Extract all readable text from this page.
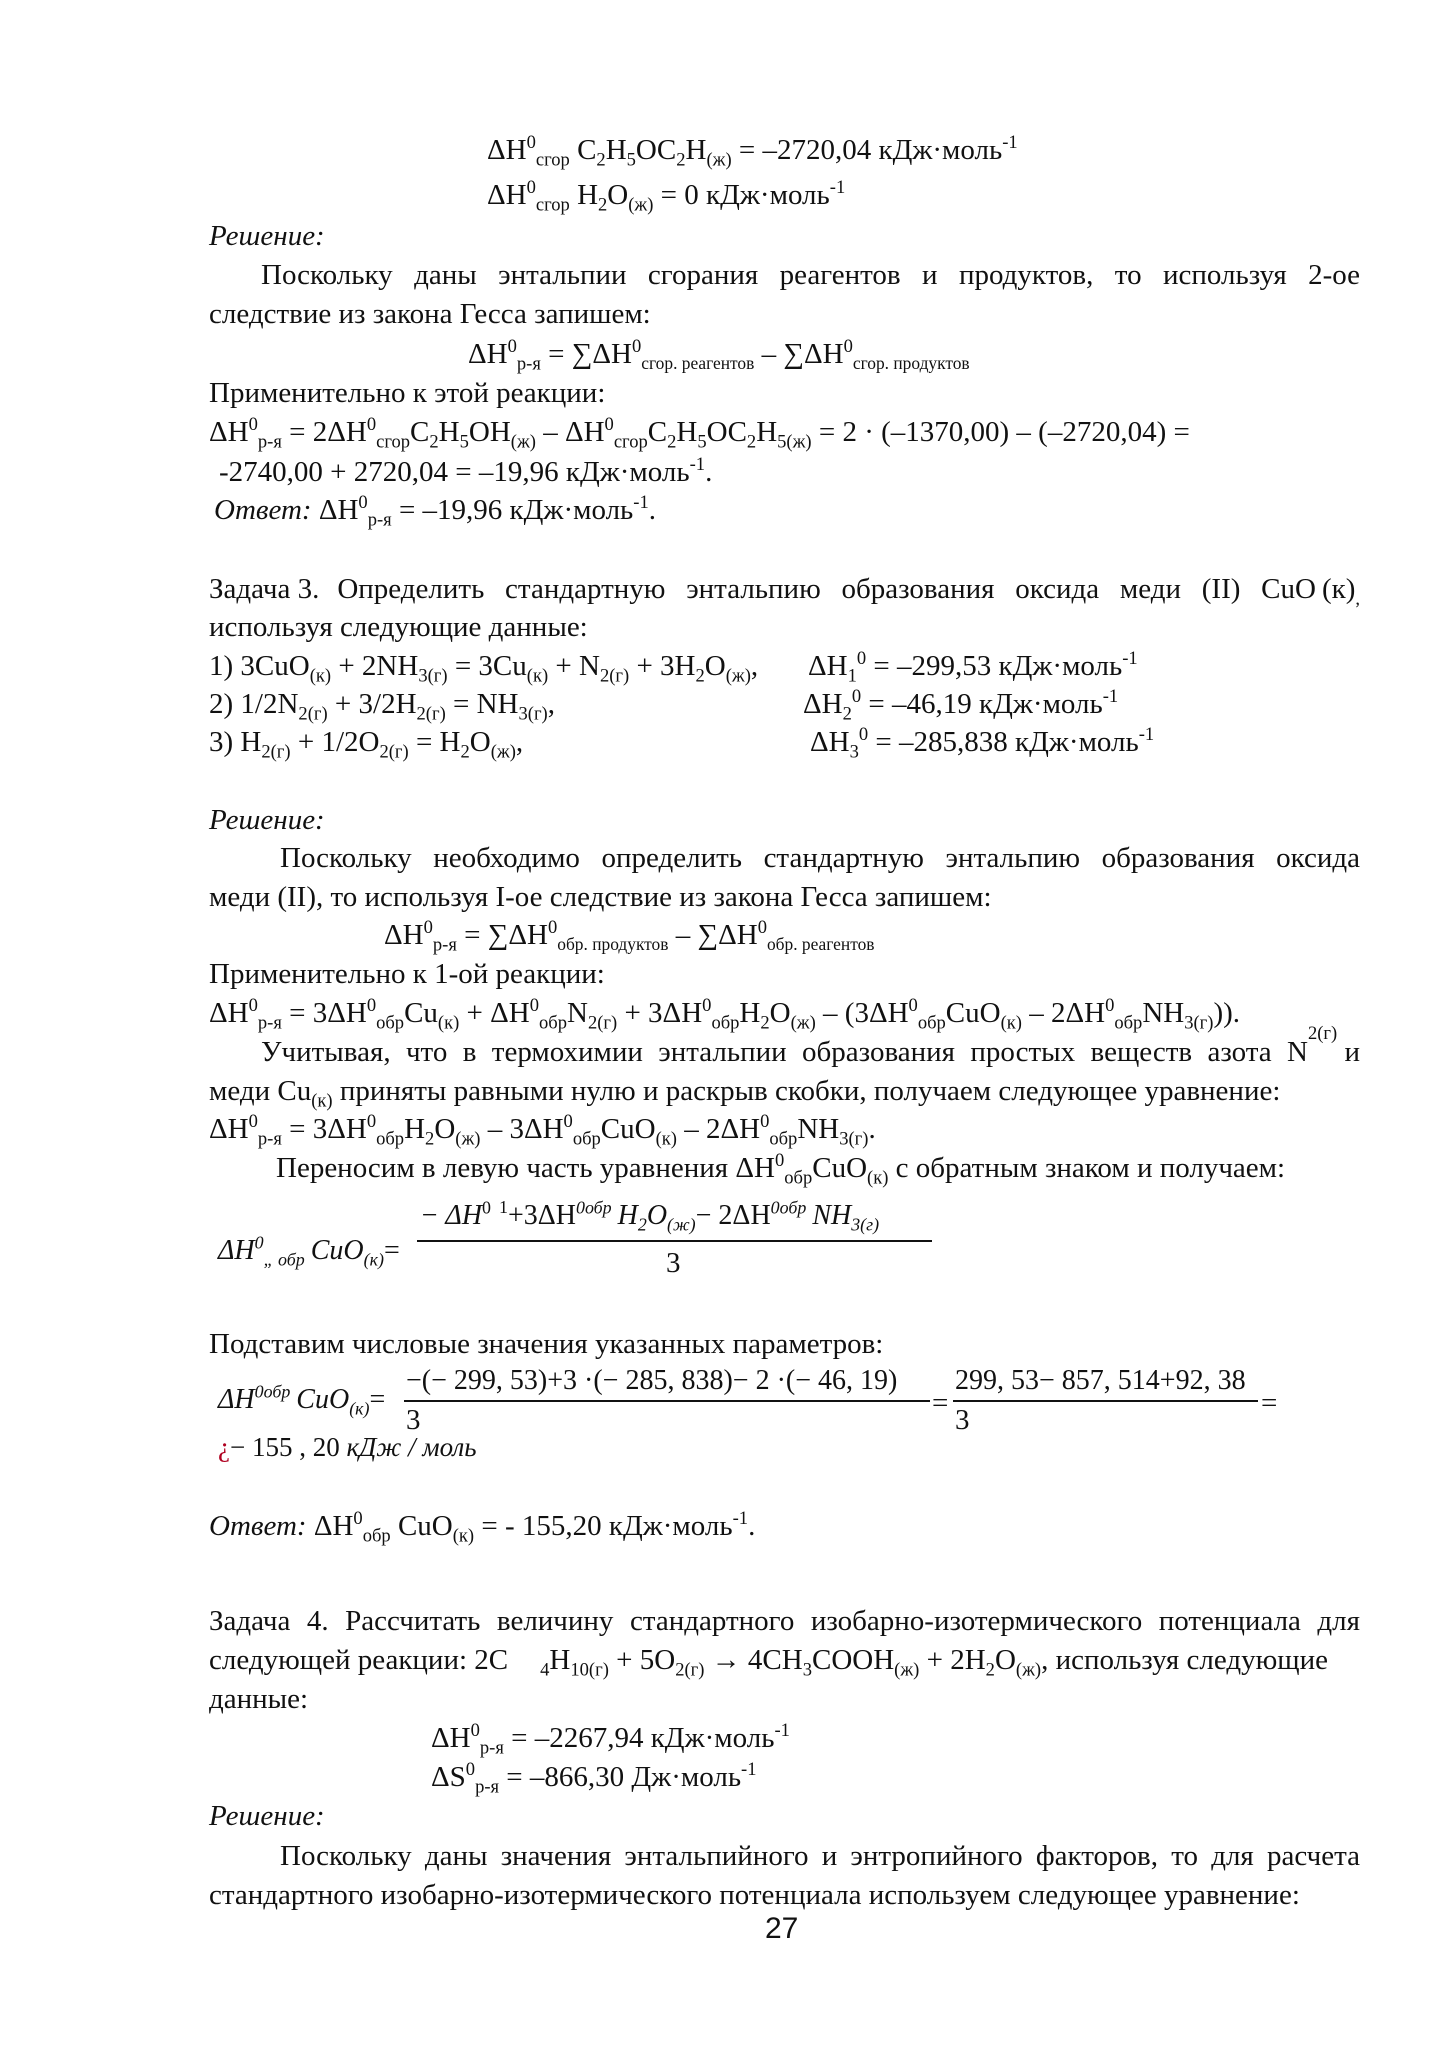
$\Delta H^0_{сгор}$ $C_2H_5OC_2H_{(ж)} = -2720,04$ кДж·моль$^{-1}$
$\Delta H^0_{сгор}$ $H_2O_{(ж)} = 0$ кДж·моль$^{-1}$
Решение:
Поскольку даны энтальпии сгорания реагентов и продуктов, то используя 2-ое
следствие из закона Гесса запишем:
$\Delta H^0_{р-я} = \sum\Delta H^0_{сгор. реагентов} - \sum\Delta H^0_{сгор. продуктов}$
Применительно к этой реакции:
$\Delta H^0_{р-я} = 2\Delta H^0_{сгор}C_2H_5OH_{(ж)} - \Delta H^0_{сгор}C_2H_5OC_2H_{5(ж)} = 2 \cdot (-1370,00) - (-2720,04)$ =
-2740,00 + 2720,04 = –19,96 кДж·моль$^{-1}$.
Ответ: $\Delta H^0_{р-я} = -19,96$ кДж·моль$^{-1}$.
Задача 3. Определить стандартную энтальпию образования оксида меди (II) CuO $(к)_,$
используя следующие данные:
1) $3CuO_{(к)} + 2NH_{3(г)} = 3Cu_{(к)} + N_{2(г)} + 3H_2O_{(ж)}$, $\Delta H_1^0 = -299,53$ кДж·моль$^{-1}$
2) $1/2N_{2(г)} + 3/2H_{2(г)} = NH_{3(г)}$,	$\Delta H_2^0 = -46,19$ кДж·моль$^{-1}$
3) $H_{2(г)} + 1/2O_{2(г)} = H_2O_{(ж)}$,	$\Delta H_3^0 = -285,838$ кДж·моль$^{-1}$
Решение:
Поскольку необходимо определить стандартную энтальпию образования оксида
меди (II), то используя I-ое следствие из закона Гесса запишем:
$\Delta H^0_{р-я} = \sum\Delta H^0_{обр. продуктов} - \sum\Delta H^0_{обр. реагентов}$
Применительно к 1-ой реакции:
$\Delta H^0_{р-я} = 3\Delta H^0_{обр}Cu_{(к)} + \Delta H^0_{обр}N_{2(г)} + 3\Delta H^0_{обр}H_2O_{(ж)} - (3\Delta H^0_{обр}CuO_{(к)} - 2\Delta H^0_{обр}NH_{3(г)})$).
Учитывая, что в термохимии энтальпии образования простых веществ азота N
2(г)
и
меди $Cu_{(к)}$ приняты равными нулю и раскрыв скобки, получаем следующее уравнение:
$\Delta H^0_{р-я} = 3\Delta H^0_{обр}H_2O_{(ж)} - 3\Delta H^0_{обр}CuO_{(к)} - 2\Delta H^0_{обр}NH_{3(г)}$.
Переносим в левую часть уравнения $\Delta H^0_{обр}CuO_{(к)}$ с обратным знаком и получаем:
$\Delta H^0_{„ обр}$ CuO$_{(к)}$=
− $\Delta H^0$ $^1+3\Delta H^{0обр}$ $H_2O_{(ж)}- 2\Delta H^{0обр}$ $NH_{3(г)}$
3
Подставим числовые значения указанных параметров:
$\Delta H^{0обр}$ CuO$_{(к)}$=
−(− 299, 53)+3 ·(− 285, 838)− 2 ·(− 46, 19)
3
=
299, 53− 857, 514+92, 38
3
=
¿− 155 , 20 кДж / моль
Ответ: $\Delta H^0_{обр}$ CuO$_{(к)}$ = - 155,20 кДж·моль$^{-1}$.
Задача 4. Рассчитать величину стандартного изобарно-изотермического потенциала для
следующей реакции: 2C $_4H_{10(г)} + 5O_{2(г)}$ → $4CH_3COOH_{(ж)} + 2H_2O_{(ж)}$, используя следующие
данные:
$\Delta H^0_{р-я} = -2267,94$ кДж·моль$^{-1}$
$\Delta S^0_{р-я} = -866,30$ Дж·моль$^{-1}$
Решение:
Поскольку даны значения энтальпийного и энтропийного факторов, то для расчета
стандартного изобарно-изотермического потенциала используем следующее уравнение:
27
